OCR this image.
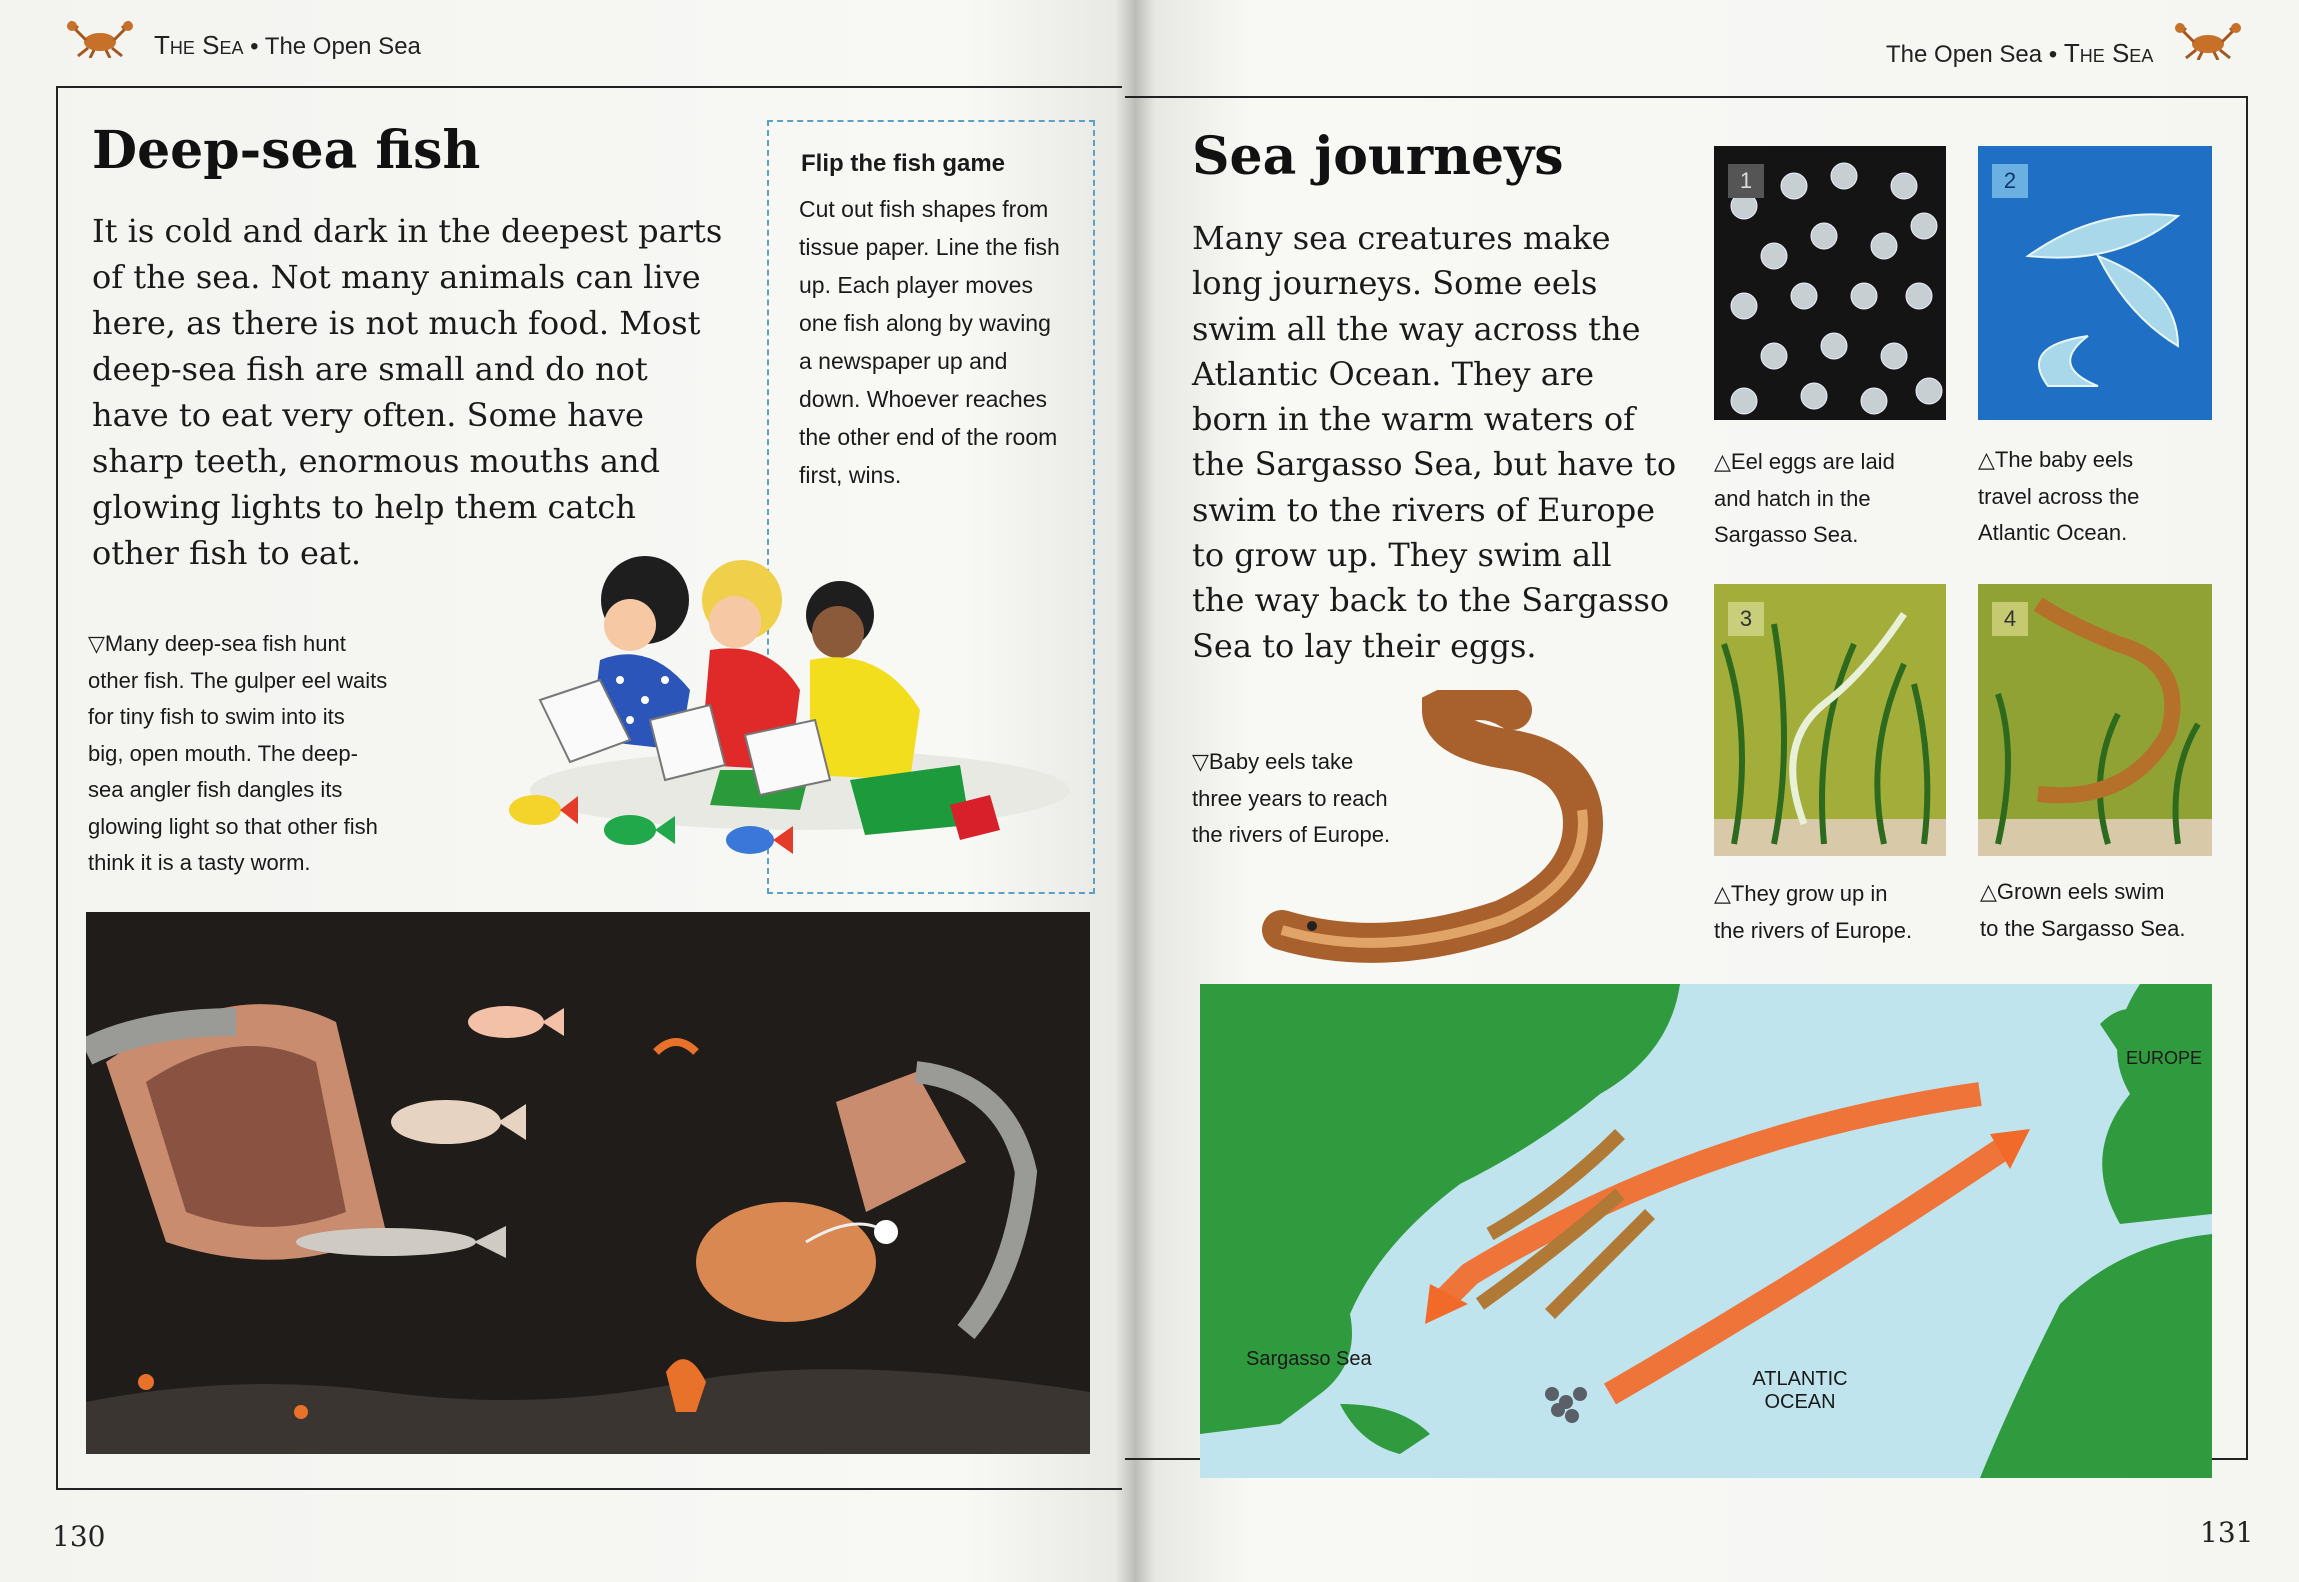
The Sea • The Open Sea
Deep-sea fish
It is cold and dark in the deepest parts
of the sea. Not many animals can live
here, as there is not much food. Most
deep-sea fish are small and do not
have to eat very often. Some have
sharp teeth, enormous mouths and
glowing lights to help them catch
other fish to eat.
▽Many deep-sea fish hunt
other fish. The gulper eel waits
for tiny fish to swim into its
big, open mouth. The deep-
sea angler fish dangles its
glowing light so that other fish
think it is a tasty worm.
Flip the fish game
Cut out fish shapes from
tissue paper. Line the fish
up. Each player moves
one fish along by waving
a newspaper up and
down. Whoever reaches
the other end of the room
first, wins.
130
The Open Sea • The Sea
Sea journeys
Many sea creatures make
long journeys. Some eels
swim all the way across the
Atlantic Ocean. They are
born in the warm waters of
the Sargasso Sea, but have to
swim to the rivers of Europe
to grow up. They swim all
the way back to the Sargasso
Sea to lay their eggs.
1
△Eel eggs are laid
and hatch in the
Sargasso Sea.
2
△The baby eels
travel across the
Atlantic Ocean.
3
△They grow up in
the rivers of Europe.
4
△Grown eels swim
to the Sargasso Sea.
▽Baby eels take
three years to reach
the rivers of Europe.
Sargasso Sea
ATLANTIC
OCEAN
EUROPE
131
